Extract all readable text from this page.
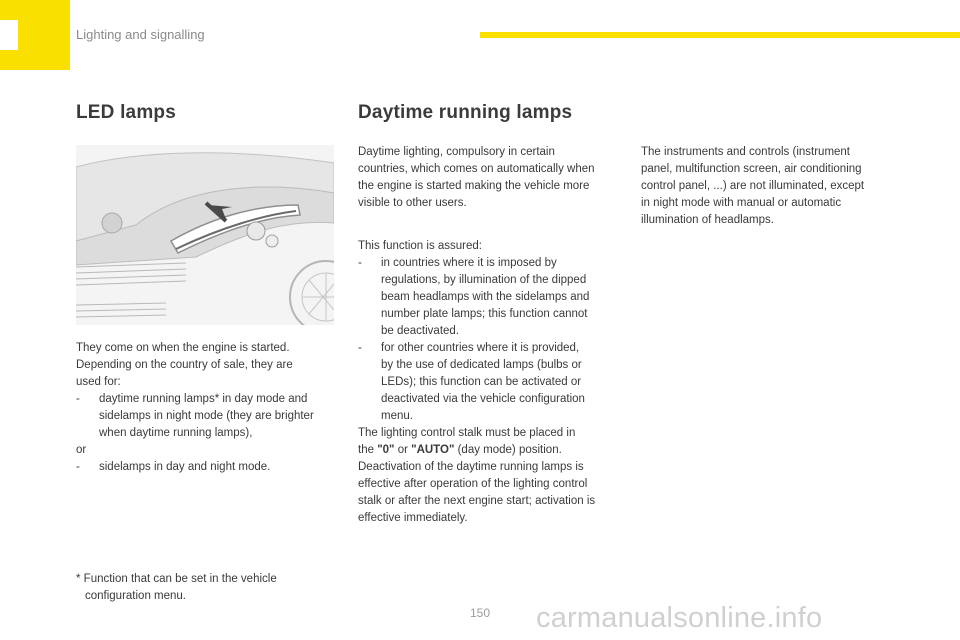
Lighting and signalling
LED lamps	Daytime running lamps
They come on when the engine is started.
Depending on the country of sale, they are
used for:
- daytime running lamps* in day mode and
sidelamps in night mode (they are brighter
when daytime running lamps),
or
- sidelamps in day and night mode.
Daytime lighting, compulsory in certain
countries, which comes on automatically when
the engine is started making the vehicle more
visible to other users.
This function is assured:
- in countries where it is imposed by
regulations, by illumination of the dipped
beam headlamps with the sidelamps and
number plate lamps; this function cannot
be deactivated.
- for other countries where it is provided,
by the use of dedicated lamps (bulbs or
LEDs); this function can be activated or
deactivated via the vehicle configuration
menu.
The lighting control stalk must be placed in
the "0" or "AUTO" (day mode) position.
Deactivation of the daytime running lamps is
effective after operation of the lighting control
stalk or after the next engine start; activation is
effective immediately.
The instruments and controls (instrument
panel, multifunction screen, air conditioning
control panel, ...) are not illuminated, except
in night mode with manual or automatic
illumination of headlamps.
* Function that can be set in the vehicle
configuration menu.
150	carmanualsonline.info
